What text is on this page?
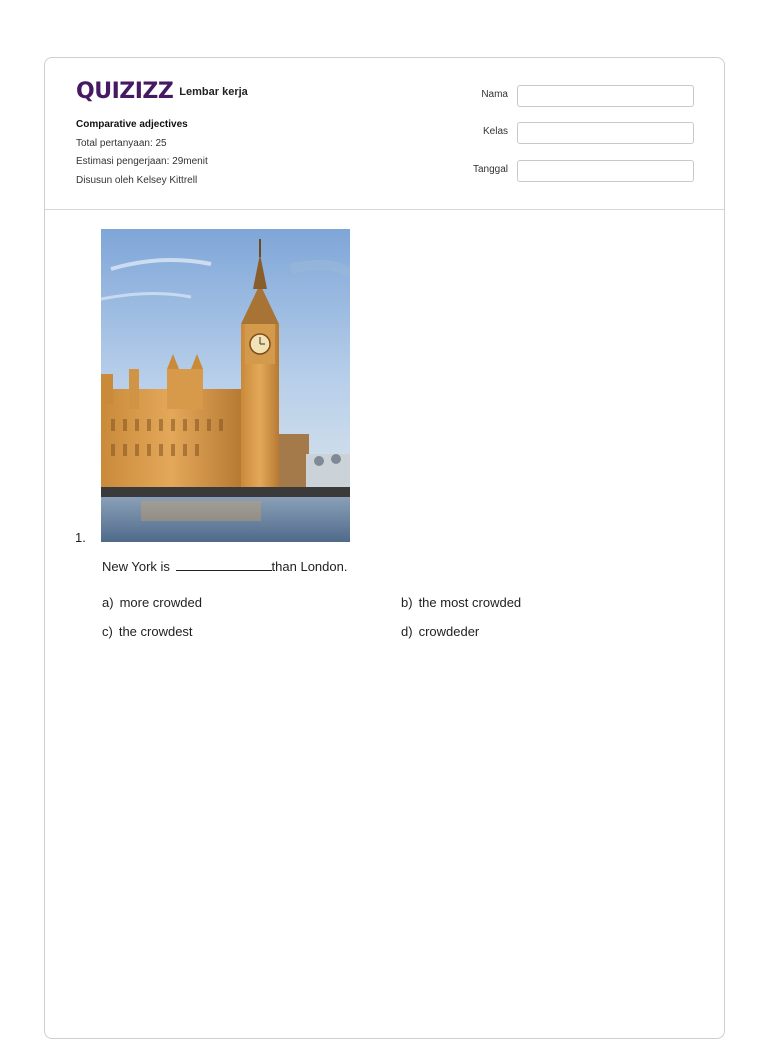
QUIZIZZ Lembar kerja
Comparative adjectives
Total pertanyaan: 25
Estimasi pengerjaan: 29menit
Disusun oleh Kelsey Kittrell
Nama
Kelas
Tanggal
1.
New York is	than London.
a) more crowded	b) the most crowded
c) the crowdest	d) crowdeder
